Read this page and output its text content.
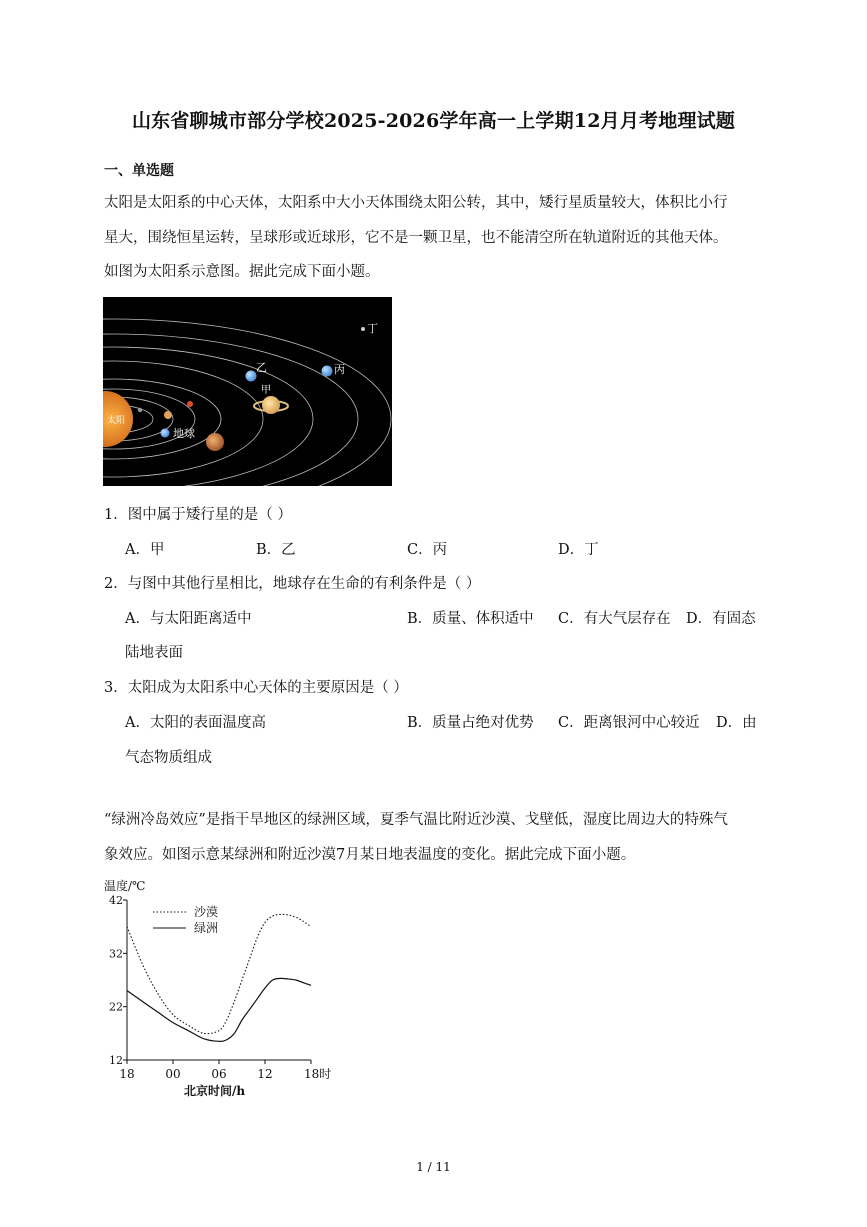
山东省聊城市部分学校2025-2026学年高一上学期12月月考地理试题
一、单选题
太阳是太阳系的中心天体，太阳系中大小天体围绕太阳公转，其中，矮行星质量较大，体积比小行
星大，围绕恒星运转，呈球形或近球形，它不是一颗卫星，也不能清空所在轨道附近的其他天体。
如图为太阳系示意图。据此完成下面小题。
太阳
地球
甲
乙	丙
丁
1．图中属于矮行星的是（ ）
A．甲	B．乙	C．丙	D．丁
2．与图中其他行星相比，地球存在生命的有利条件是（ ）
A．与太阳距离适中	B．质量、体积适中 C．有大气层存在 D．有固态
陆地表面
3．太阳成为太阳系中心天体的主要原因是（ ）
A．太阳的表面温度高	B．质量占绝对优势 C．距离银河中心较近 D．由
气态物质组成
“绿洲冷岛效应”是指干旱地区的绿洲区域，夏季气温比附近沙漠、戈壁低，湿度比周边大的特殊气
象效应。如图示意某绿洲和附近沙漠7月某日地表温度的变化。据此完成下面小题。
温度/℃
北京时间/h
42
32
22
12
18	00	06	12	18时
沙漠
绿洲
1 / 11
